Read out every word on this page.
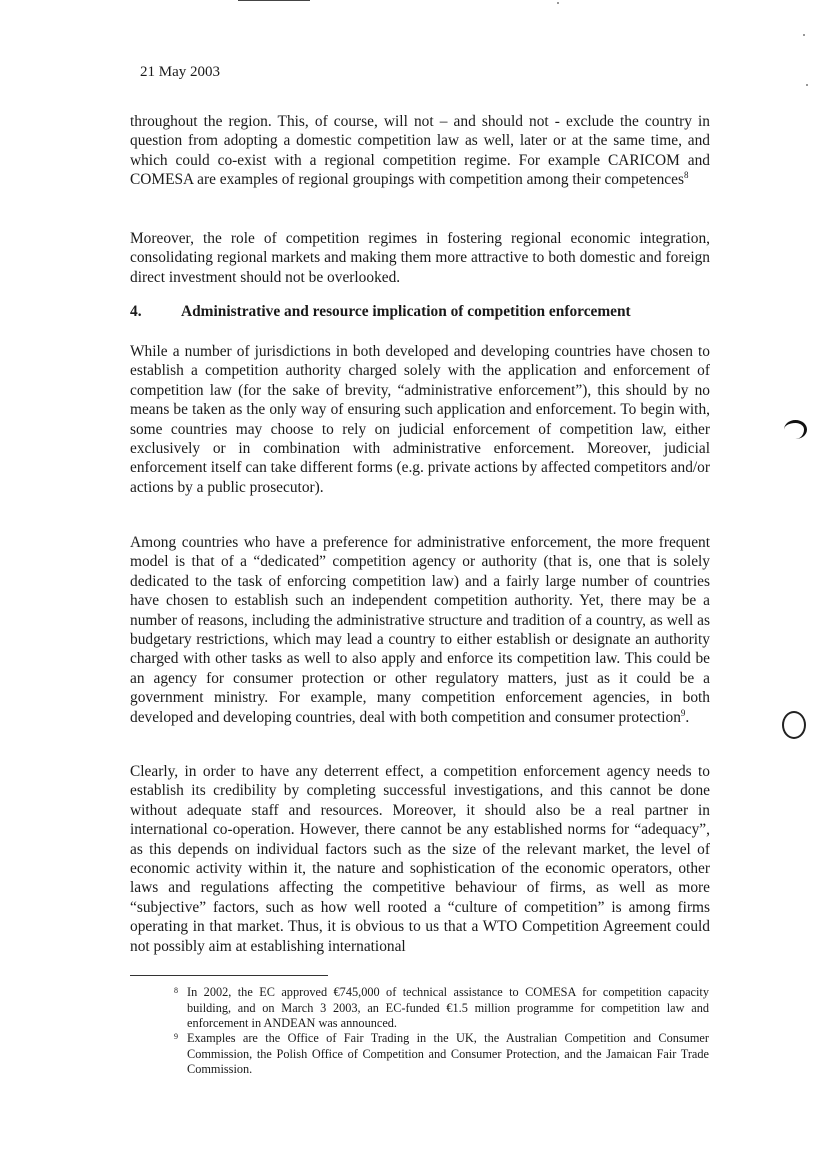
21 May 2003
throughout the region. This, of course, will not – and should not - exclude the country in question from adopting a domestic competition law as well, later or at the same time, and which could co-exist with a regional competition regime. For example CARICOM and COMESA are examples of regional groupings with competition among their competences$^8$
Moreover, the role of competition regimes in fostering regional economic integration, consolidating regional markets and making them more attractive to both domestic and foreign direct investment should not be overlooked.
4.	Administrative and resource implication of competition enforcement
While a number of jurisdictions in both developed and developing countries have chosen to establish a competition authority charged solely with the application and enforcement of competition law (for the sake of brevity, “administrative enforcement”), this should by no means be taken as the only way of ensuring such application and enforcement. To begin with, some countries may choose to rely on judicial enforcement of competition law, either exclusively or in combination with administrative enforcement. Moreover, judicial enforcement itself can take different forms (e.g. private actions by affected competitors and/or actions by a public prosecutor).
Among countries who have a preference for administrative enforcement, the more frequent model is that of a “dedicated” competition agency or authority (that is, one that is solely dedicated to the task of enforcing competition law) and a fairly large number of countries have chosen to establish such an independent competition authority. Yet, there may be a number of reasons, including the administrative structure and tradition of a country, as well as budgetary restrictions, which may lead a country to either establish or designate an authority charged with other tasks as well to also apply and enforce its competition law. This could be an agency for consumer protection or other regulatory matters, just as it could be a government ministry. For example, many competition enforcement agencies, in both developed and developing countries, deal with both competition and consumer protection$^9$.
Clearly, in order to have any deterrent effect, a competition enforcement agency needs to establish its credibility by completing successful investigations, and this cannot be done without adequate staff and resources. Moreover, it should also be a real partner in international co-operation. However, there cannot be any established norms for “adequacy”, as this depends on individual factors such as the size of the relevant market, the level of economic activity within it, the nature and sophistication of the economic operators, other laws and regulations affecting the competitive behaviour of firms, as well as more “subjective” factors, such as how well rooted a “culture of competition” is among firms operating in that market. Thus, it is obvious to us that a WTO Competition Agreement could not possibly aim at establishing international
8 In 2002, the EC approved €745,000 of technical assistance to COMESA for competition capacity building, and on March 3 2003, an EC-funded €1.5 million programme for competition law and enforcement in ANDEAN was announced.
9 Examples are the Office of Fair Trading in the UK, the Australian Competition and Consumer Commission, the Polish Office of Competition and Consumer Protection, and the Jamaican Fair Trade Commission.
